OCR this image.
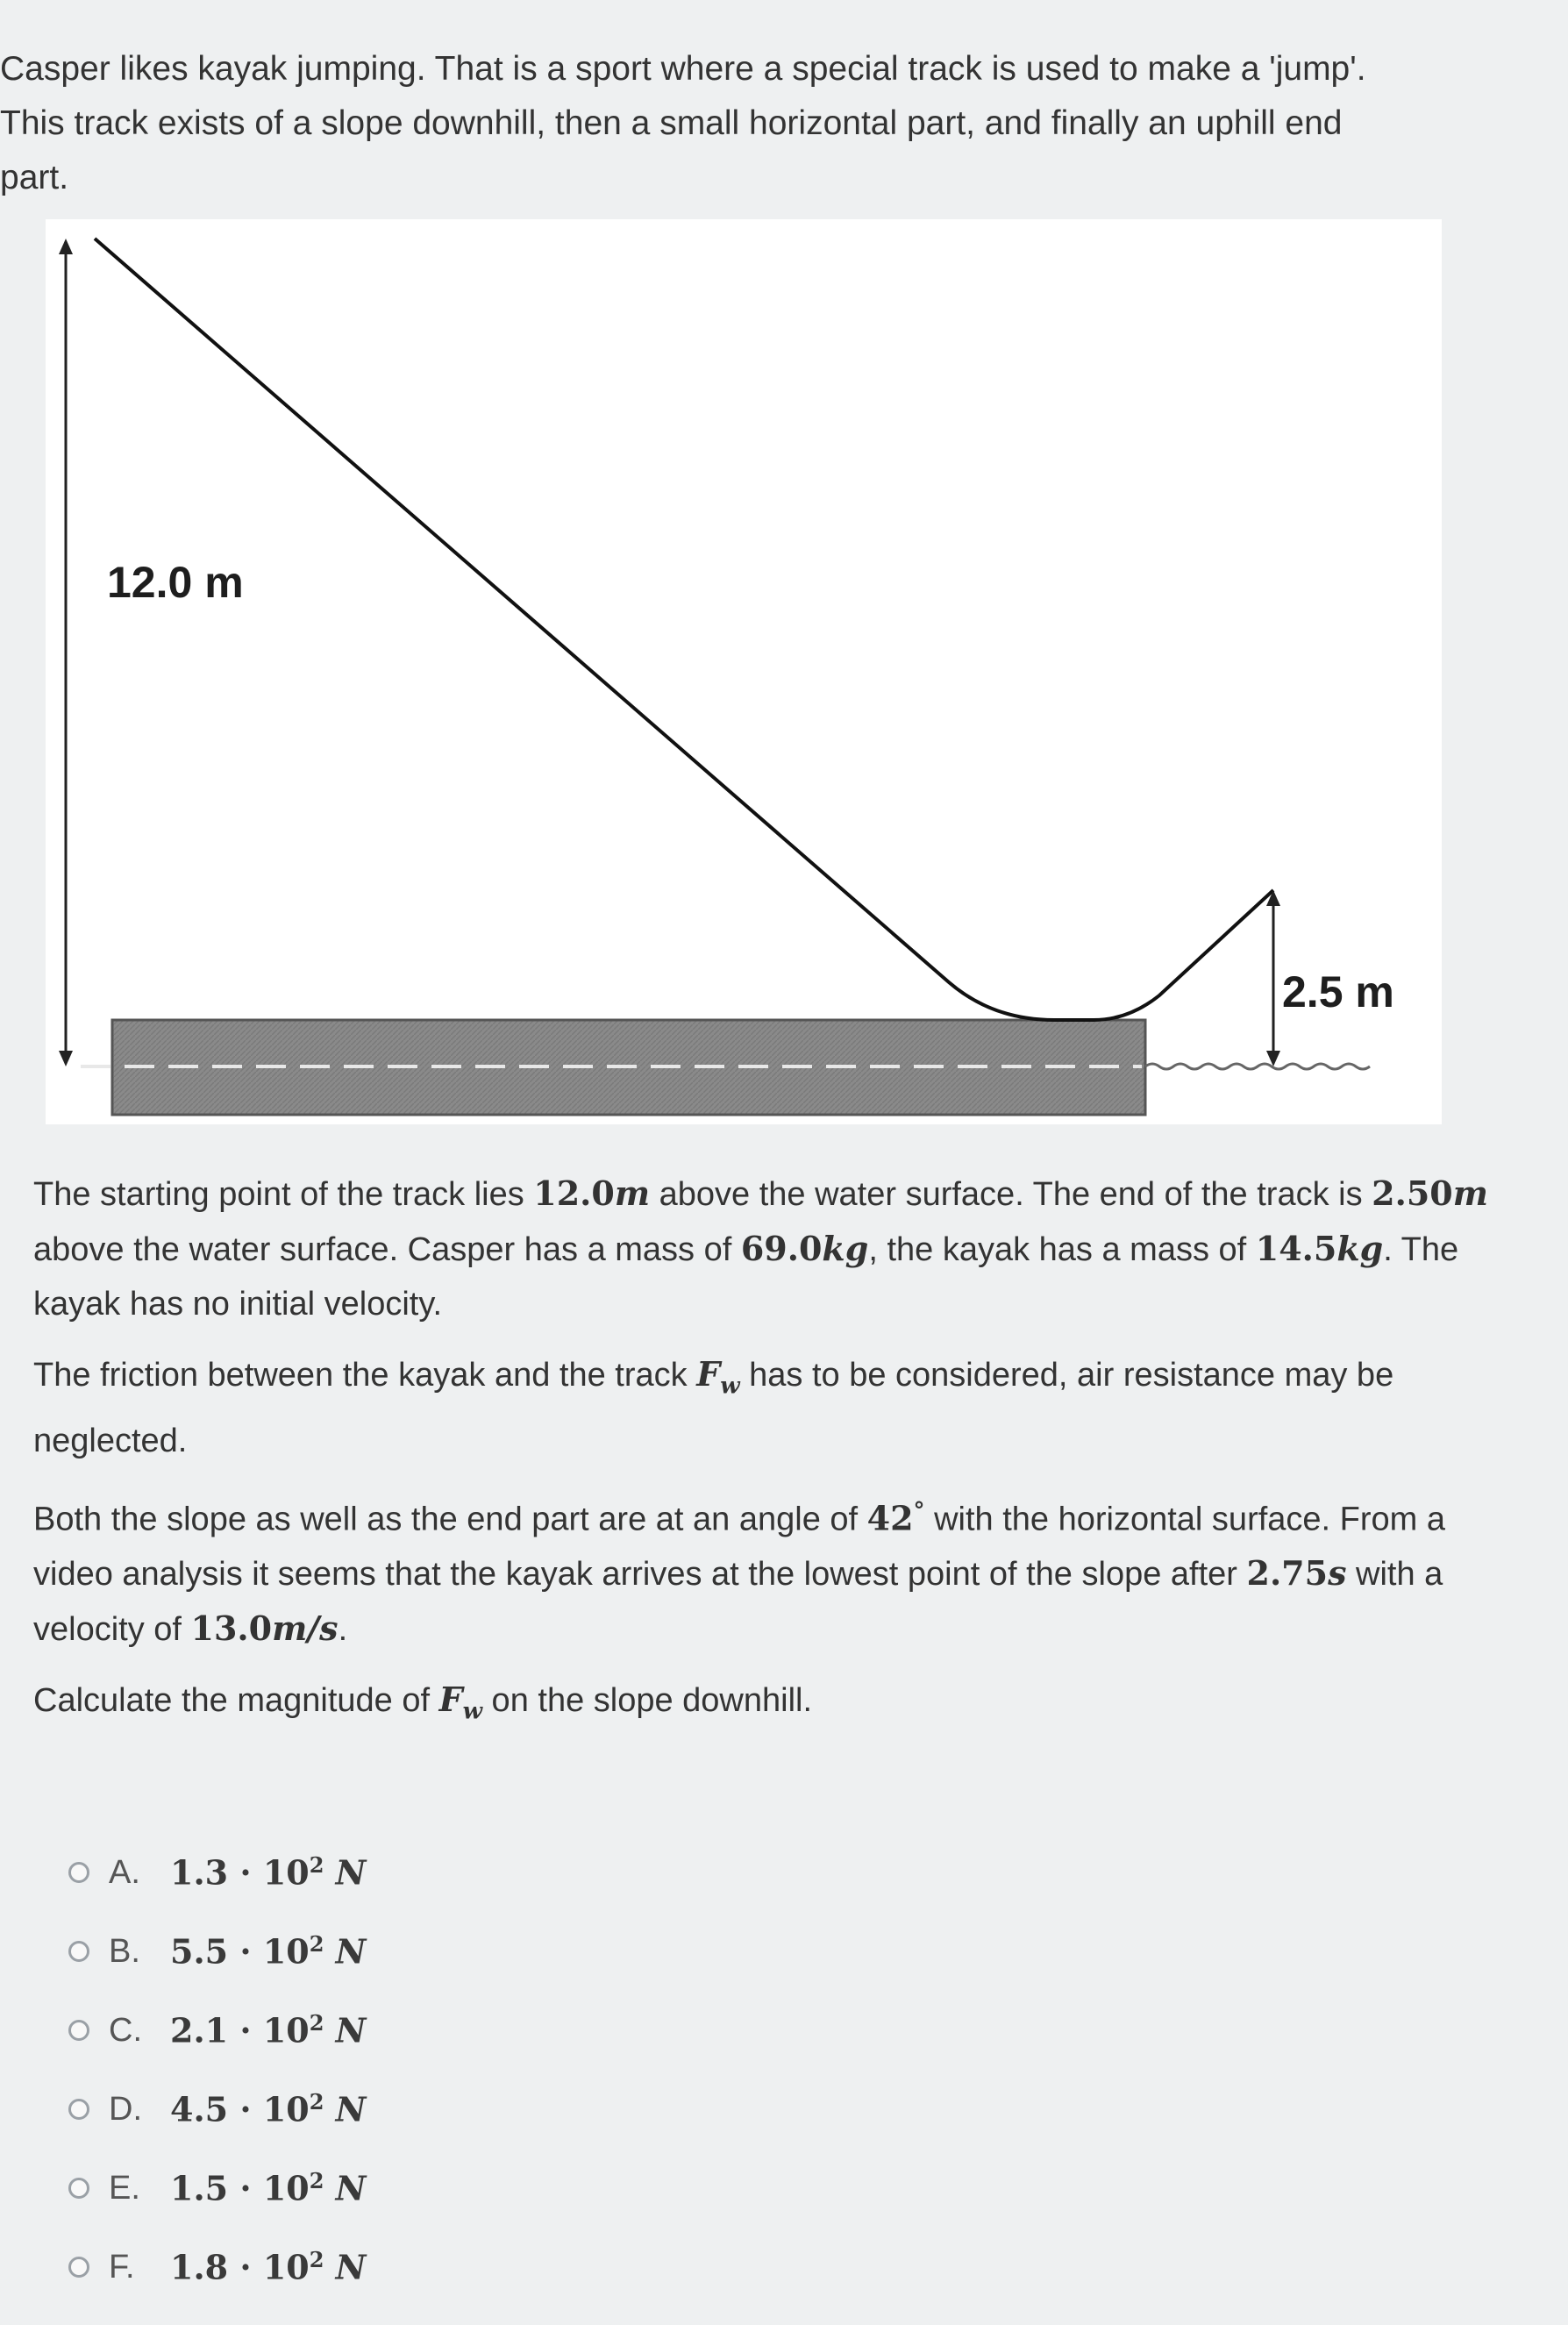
Casper likes kayak jumping. That is a sport where a special track is used to make a 'jump'.
This track exists of a slope downhill, then a small horizontal part, and finally an uphill end
part.
12.0 m
2.5 m

The starting point of the track lies 12.0m above the water surface. The end of the track is 2.50m above the water surface. Casper has a mass of 69.0kg, the kayak has a mass of 14.5kg. The kayak has no initial velocity.

The friction between the kayak and the track $F_w$ has to be considered, air resistance may be neglected.

Both the slope as well as the end part are at an angle of 42° with the horizontal surface. From a video analysis it seems that the kayak arrives at the lowest point of the slope after 2.75s with a velocity of 13.0m/s.

Calculate the magnitude of $F_w$ on the slope downhill.

A. $1.3 \cdot 10^2$ N
B. $5.5 \cdot 10^2$ N
C. $2.1 \cdot 10^2$ N
D. $4.5 \cdot 10^2$ N
E. $1.5 \cdot 10^2$ N
F.	$1.8 \cdot 10^2$ N
